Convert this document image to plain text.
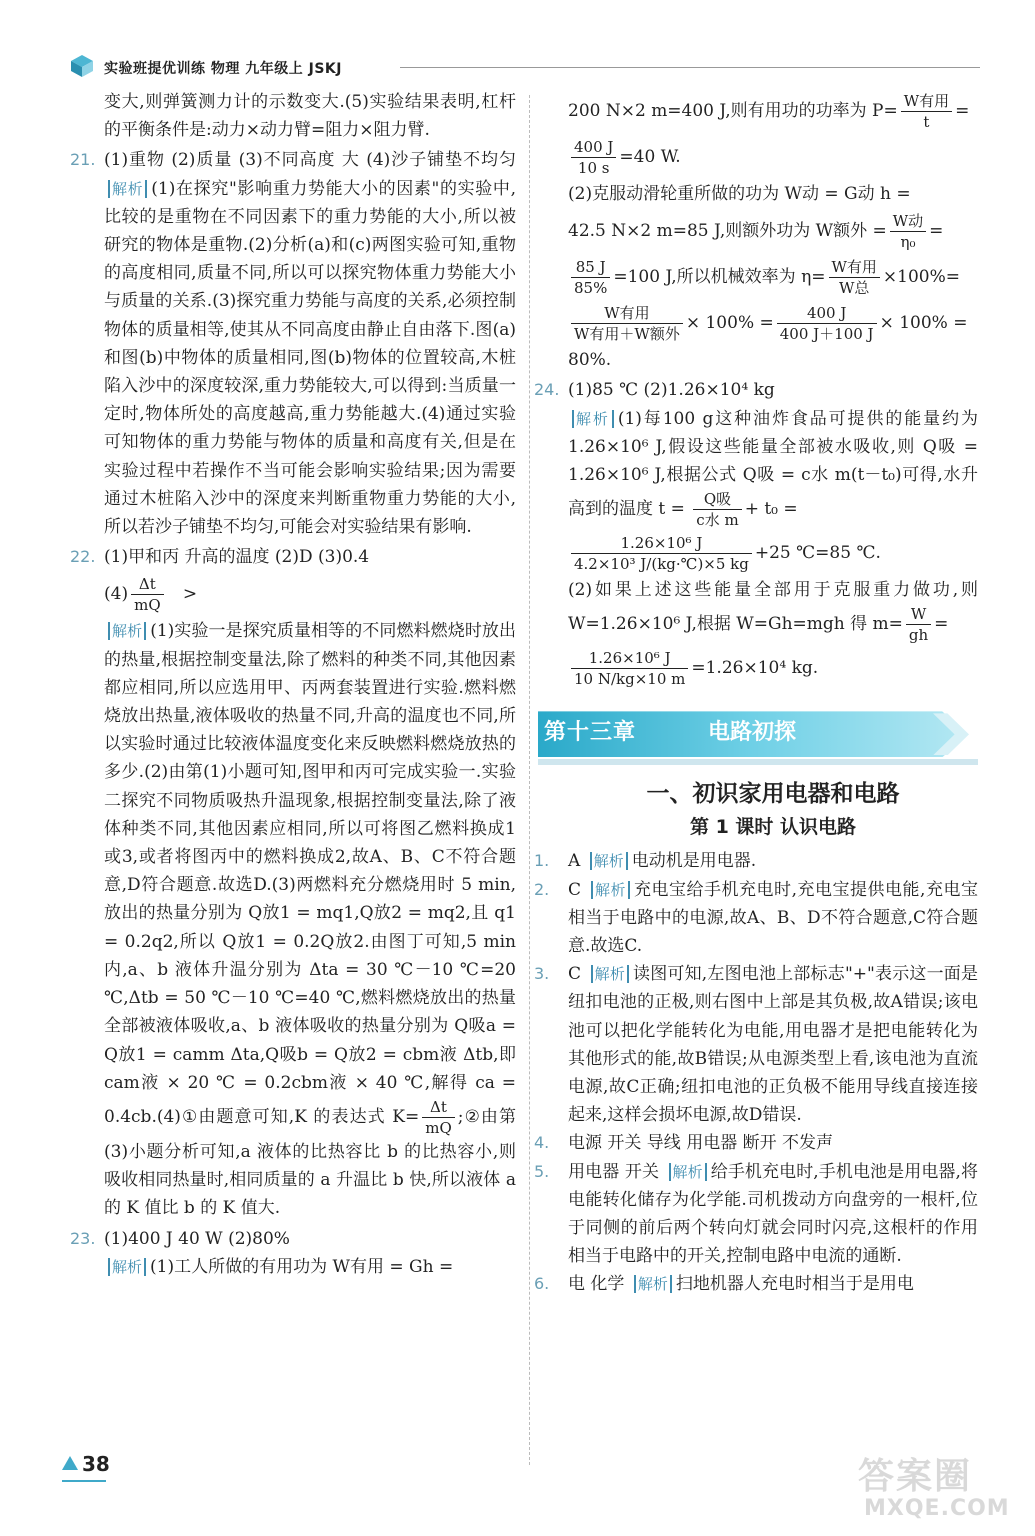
实验班提优训练 物理 九年级上 JSKJ

变大,则弹簧测力计的示数变大.(5)实验结果表明,杠杆的平衡条件是:动力×动力臂=阻力×阻力臂.

21. (1)重物 (2)质量 (3)不同高度 大 (4)沙子铺垫不均匀 解析 (1)在探究"影响重力势能大小的因素"的实验中,比较的是重物在不同因素下的重力势能的大小,所以被研究的物体是重物.(2)分析(a)和(c)两图实验可知,重物的高度相同,质量不同,所以可以探究物体重力势能大小与质量的关系.(3)探究重力势能与高度的关系,必须控制物体的质量相等,使其从不同高度由静止自由落下.图(a)和图(b)中物体的质量相同,图(b)物体的位置较高,木桩陷入沙中的深度较深,重力势能较大,可以得到:当质量一定时,物体所处的高度越高,重力势能越大.(4)通过实验可知物体的重力势能与物体的质量和高度有关,但是在实验过程中若操作不当可能会影响实验结果;因为需要通过木桩陷入沙中的深度来判断重物重力势能的大小,所以若沙子铺垫不均匀,可能会对实验结果有影响.

22. (1)甲和丙 升高的温度 (2)D (3)0.4

$(4) \frac{\Delta t}{mQ}$ >

解析 (1)实验一是探究质量相等的不同燃料燃烧时放出的热量,根据控制变量法,除了燃料的种类不同,其他因素都应相同,所以应选用甲、丙两套装置进行实验.燃料燃烧放出热量,液体吸收的热量不同,升高的温度也不同,所以实验时通过比较液体温度变化来反映燃料燃烧放热的多少.(2)由第(1)小题可知,图甲和丙可完成实验一.实验二探究不同物质吸热升温现象,根据控制变量法,除了液体种类不同,其他因素应相同,所以可将图乙燃料换成1或3,或者将图丙中的燃料换成2,故A、B、C不符合题意,D符合题意.故选D.(3)两燃料充分燃烧用时 5 min,放出的热量分别为 Q放1 = mq1,Q放2 = mq2,且 q1 = 0.2q2,所以 Q放1 = 0.2Q放2.由图丁可知,5 min 内,a、b 液体升温分别为 Δta = 30 ℃－10 ℃=20 ℃,Δtb = 50 ℃－10 ℃=40 ℃,燃料燃烧放出的热量全部被液体吸收,a、b 液体吸收的热量分别为 Q吸a = Q放1 = camm Δta,Q吸b = Q放2 = cbm液 Δtb,即 cam液 × 20 ℃ = 0.2cbm液 × 40 ℃,解得 ca = 0.4cb.(4)①由题意可知,K 的表达式 $K= \frac{\Delta t}{mQ}$ ;②由第(3)小题分析可知,a 液体的比热容比 b 的比热容小,则吸收相同热量时,相同质量的 a 升温比 b 快,所以液体 a 的 K 值比 b 的 K 值大.

23. (1)400 J 40 W (2)80%

解析 (1)工人所做的有用功为 W有用 = Gh =

200 N×2 m=400 J,则有用功的功率为 $P= \frac{\text{W有用}}{t}$ =

$\frac{400 J}{10 s} =40$ W.

(2)克服动滑轮重所做的功为 W动 = G动 h =

42.5 N×2 m=85 J,则额外功为 W额外 = $\frac{\text{W动}}{\text{η₀}}$ =

$\frac{85 J}{85\%} =100$ J,所以机械效率为 $\eta= \frac{\text{W有用}}{\text{W总}} \times 100\%=$

$\frac{\text{W有用}}{\text{W有用＋W额外}} \times 100\% = \frac{400 J}{400 J+100 J} \times 100\%$ =

80%.

24. (1)85 ℃ (2)1.26×10⁴ kg

解析 (1)每100 g这种油炸食品可提供的能量约为 1.26×10⁶ J,假设这些能量全部被水吸收,则 Q吸 = 1.26×10⁶ J,根据公式 Q吸 = c水 m(t－t₀)可得,水升高到的温度 $t = \frac{\text{Q吸}}{\text{c水 m}} + t_0$ =

$\frac{\text{1.26×10⁶ J}}{\text{4.2×10³ J/(kg·℃)×5 kg}} +25$ ℃=85 ℃.

(2)如果上述这些能量全部用于克服重力做功,则 W=1.26×10⁶ J,根据 W=Gh=mgh 得 $m= \frac{W}{gh}$ =

$\frac{\text{1.26×10⁶ J}}{10 N/kg\times 10 m} =1.26\times 10^4$ kg.

第十三章	电路初探
一、初识家用电器和电路
第 1 课时 认识电路

1. A 解析 电动机是用电器.

2. C 解析 充电宝给手机充电时,充电宝提供电能,充电宝相当于电路中的电源,故A、B、D不符合题意,C符合题意.故选C.

3. C 解析 读图可知,左图电池上部标志"+"表示这一面是纽扣电池的正极,则右图中上部是其负极,故A错误;该电池可以把化学能转化为电能,用电器才是把电能转化为其他形式的能,故B错误;从电源类型上看,该电池为直流电源,故C正确;纽扣电池的正负极不能用导线直接连接起来,这样会损坏电源,故D错误.

4. 电源 开关 导线 用电器 断开 不发声

5. 用电器 开关 解析 给手机充电时,手机电池是用电器,将电能转化储存为化学能.司机拨动方向盘旁的一根杆,位于同侧的前后两个转向灯就会同时闪亮,这根杆的作用相当于电路中的开关,控制电路中电流的通断.

6. 电 化学 解析 扫地机器人充电时相当于是用电

38	答案圈
MXQE.COM
